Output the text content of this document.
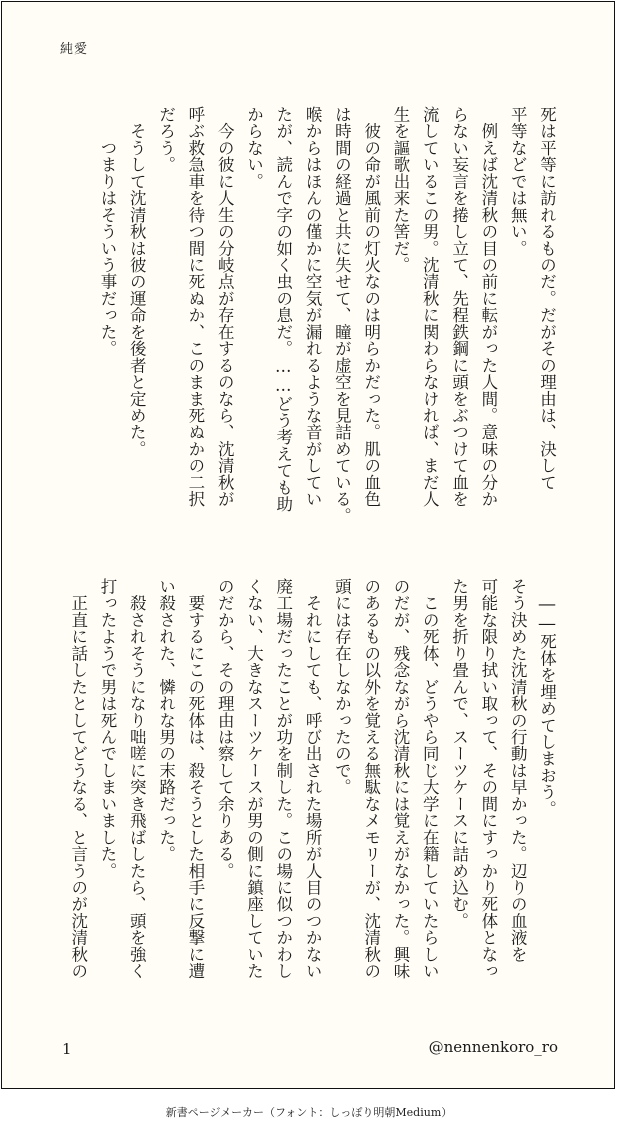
純愛
死は平等に訪れるものだ。だがその理由は、決して
平等などでは無い。
　例えば沈清秋の目の前に転がった人間。意味の分か
らない妄言を捲し立て、先程鉄鋼に頭をぶつけて血を
流しているこの男。沈清秋に関わらなければ、まだ人
生を謳歌出来た筈だ。
　彼の命が風前の灯火なのは明らかだった。肌の血色
は時間の経過と共に失せて、瞳が虚空を見詰めている。
喉からはほんの僅かに空気が漏れるような音がしてい
たが、読んで字の如く虫の息だ。……どう考えても助
からない。
　今の彼に人生の分岐点が存在するのなら、沈清秋が
呼ぶ救急車を待つ間に死ぬか、このまま死ぬかの二択
だろう。
　そうして沈清秋は彼の運命を後者と定めた。
　　つまりはそういう事だった。
　――死体を埋めてしまおう。
そう決めた沈清秋の行動は早かった。辺りの血液を
可能な限り拭い取って、その間にすっかり死体となっ
た男を折り畳んで、スーツケースに詰め込む。
　この死体、どうやら同じ大学に在籍していたらしい
のだが、残念ながら沈清秋には覚えがなかった。興味
のあるもの以外を覚える無駄なメモリーが、沈清秋の
頭には存在しなかったので。
　それにしても、呼び出された場所が人目のつかない
廃工場だったことが功を制した。この場に似つかわし
くない、大きなスーツケースが男の側に鎮座していた
のだから、その理由は察して余りある。
　要するにこの死体は、殺そうとした相手に反撃に遭
い殺された、憐れな男の末路だった。
　殺されそうになり咄嗟に突き飛ばしたら、頭を強く
打ったようで男は死んでしまいました。
　正直に話したとしてどうなる、と言うのが沈清秋の
1	@nennenkoro_ro
新書ページメーカー（フォント：しっぽり明朝Medium）
